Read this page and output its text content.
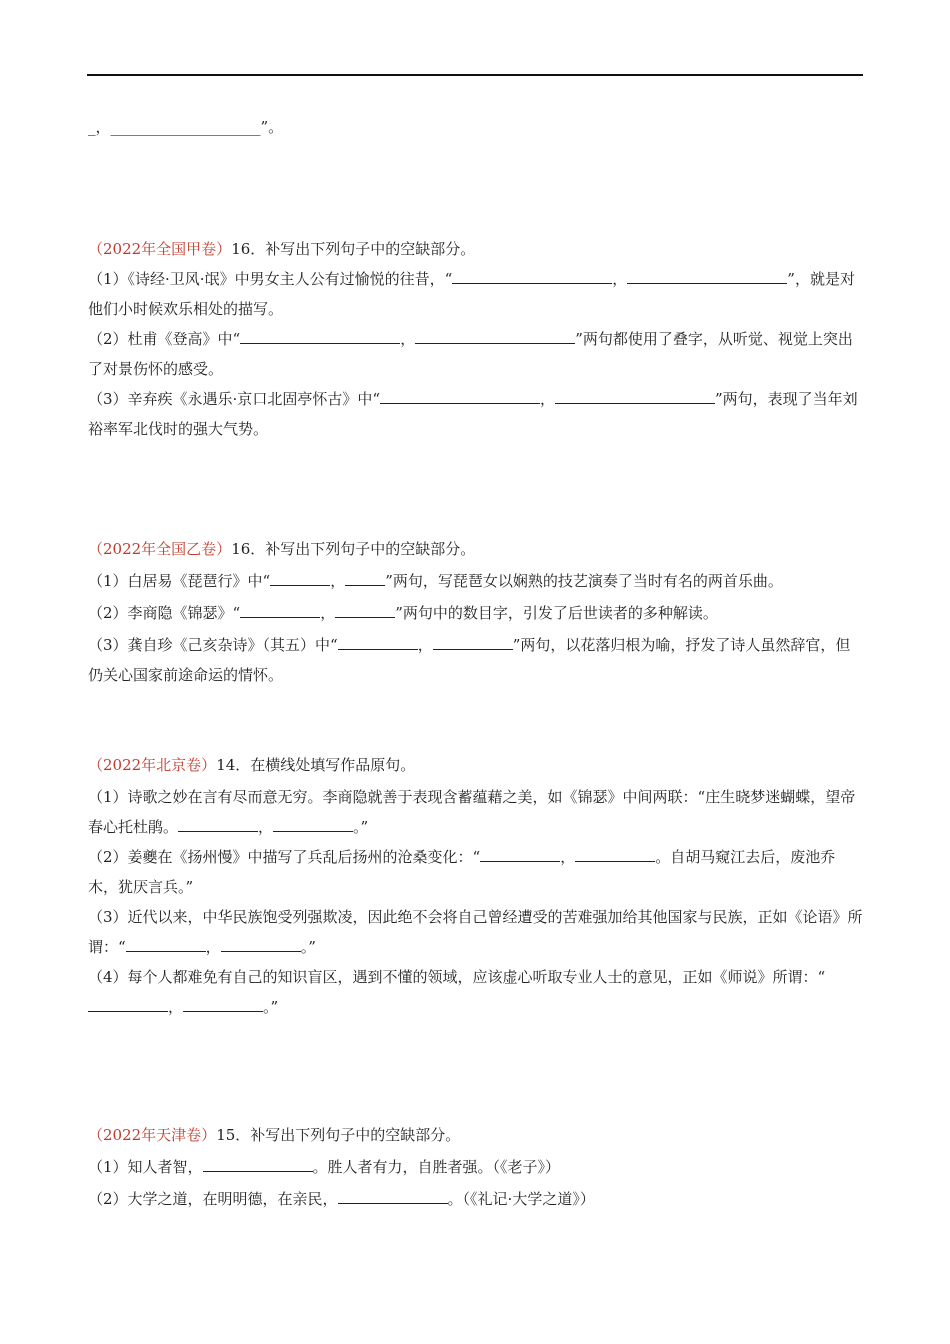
_，____________________”。
（2022年全国甲卷）16．补写出下列句子中的空缺部分。
（1）《诗经·卫风·氓》中男女主人公有过愉悦的往昔，“	，	”，就是对他们小时候欢乐相处的描写。
（2）杜甫《登高》中“	，	”两句都使用了叠字，从听觉、视觉上突出了对景伤怀的感受。
（3）辛弃疾《永遇乐·京口北固亭怀古》中“	，	”两句，表现了当年刘裕率军北伐时的强大气势。
（2022年全国乙卷）16．补写出下列句子中的空缺部分。
（1）白居易《琵琶行》中“	，	”两句，写琵琶女以娴熟的技艺演奏了当时有名的两首乐曲。
（2）李商隐《锦瑟》“	，	”两句中的数目字，引发了后世读者的多种解读。
（3）龚自珍《己亥杂诗》（其五）中“	，	”两句，以花落归根为喻，抒发了诗人虽然辞官，但仍关心国家前途命运的情怀。
（2022年北京卷）14．在横线处填写作品原句。
（1）诗歌之妙在言有尽而意无穷。李商隐就善于表现含蓄蕴藉之美，如《锦瑟》中间两联：“庄生晓梦迷蝴蝶，望帝春心托杜鹃。	，	。”
（2）姜夔在《扬州慢》中描写了兵乱后扬州的沧桑变化：“	，	。自胡马窥江去后，废池乔木，犹厌言兵。”
（3）近代以来，中华民族饱受列强欺凌，因此绝不会将自己曾经遭受的苦难强加给其他国家与民族，正如《论语》所谓：“	，	。”
（4）每个人都难免有自己的知识盲区，遇到不懂的领域，应该虚心听取专业人士的意见，正如《师说》所谓：“，	。”
（2022年天津卷）15．补写出下列句子中的空缺部分。
（1）知人者智，	。胜人者有力，自胜者强。（《老子》）
（2）大学之道，在明明德，在亲民，	。（《礼记·大学之道》）
